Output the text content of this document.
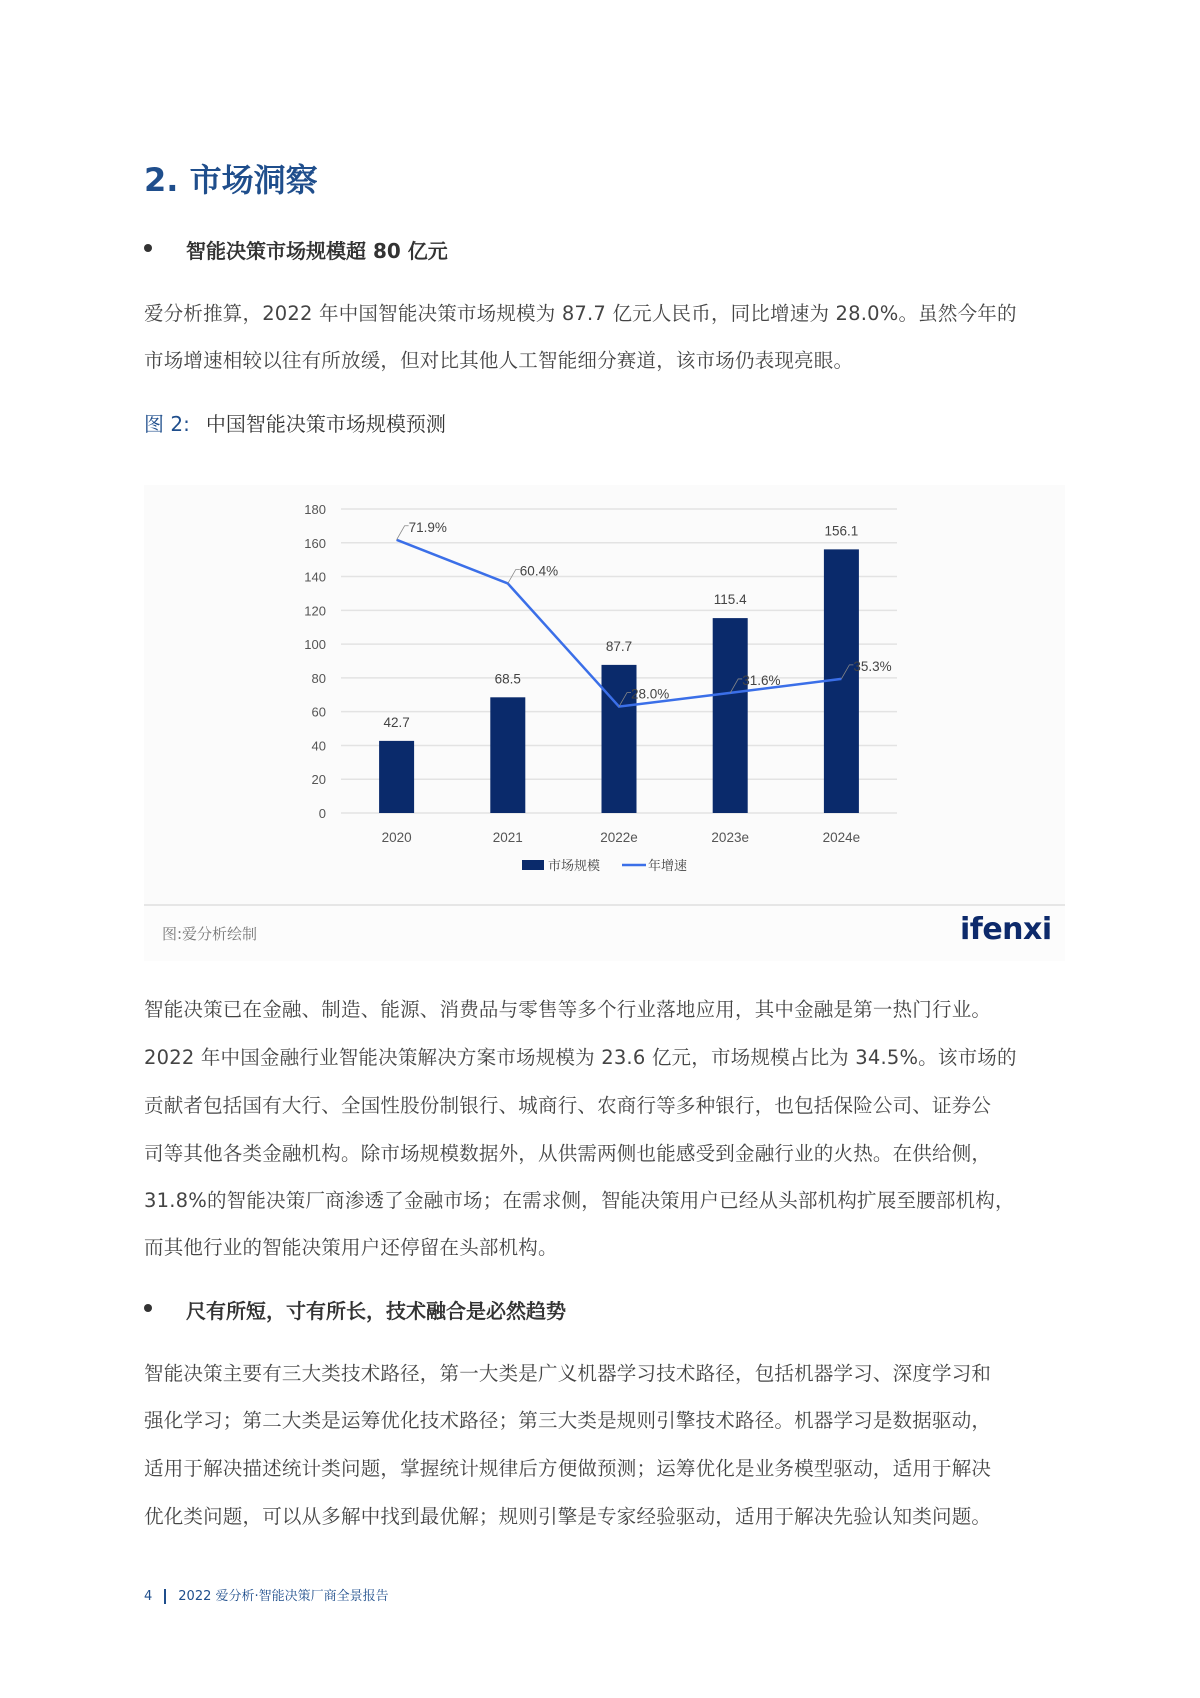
2. 市场洞察
智能决策市场规模超 80 亿元
爱分析推算，2022 年中国智能决策市场规模为 87.7 亿元人民币，同比增速为 28.0%。虽然今年的
市场增速相较以往有所放缓，但对比其他人工智能细分赛道，该市场仍表现亮眼。
图 2: 中国智能决策市场规模预测
0
20
40
60
80
100
120
140
160
180
42.7
2020
68.5
2021
87.7
2022e
115.4
2023e
156.1
2024e
71.9%
60.4%
28.0%
31.6%
35.3%
市场规模	年增速
图:爱分析绘制	ifenxi
智能决策已在金融、制造、能源、消费品与零售等多个行业落地应用，其中金融是第一热门行业。
2022 年中国金融行业智能决策解决方案市场规模为 23.6 亿元，市场规模占比为 34.5%。该市场的
贡献者包括国有大行、全国性股份制银行、城商行、农商行等多种银行，也包括保险公司、证券公
司等其他各类金融机构。除市场规模数据外，从供需两侧也能感受到金融行业的火热。在供给侧，
31.8%的智能决策厂商渗透了金融市场；在需求侧，智能决策用户已经从头部机构扩展至腰部机构，
而其他行业的智能决策用户还停留在头部机构。
尺有所短，寸有所长，技术融合是必然趋势
智能决策主要有三大类技术路径，第一大类是广义机器学习技术路径，包括机器学习、深度学习和
强化学习；第二大类是运筹优化技术路径；第三大类是规则引擎技术路径。机器学习是数据驱动，
适用于解决描述统计类问题，掌握统计规律后方便做预测；运筹优化是业务模型驱动，适用于解决
优化类问题，可以从多解中找到最优解；规则引擎是专家经验驱动，适用于解决先验认知类问题。
4 2022 爱分析·智能决策厂商全景报告
